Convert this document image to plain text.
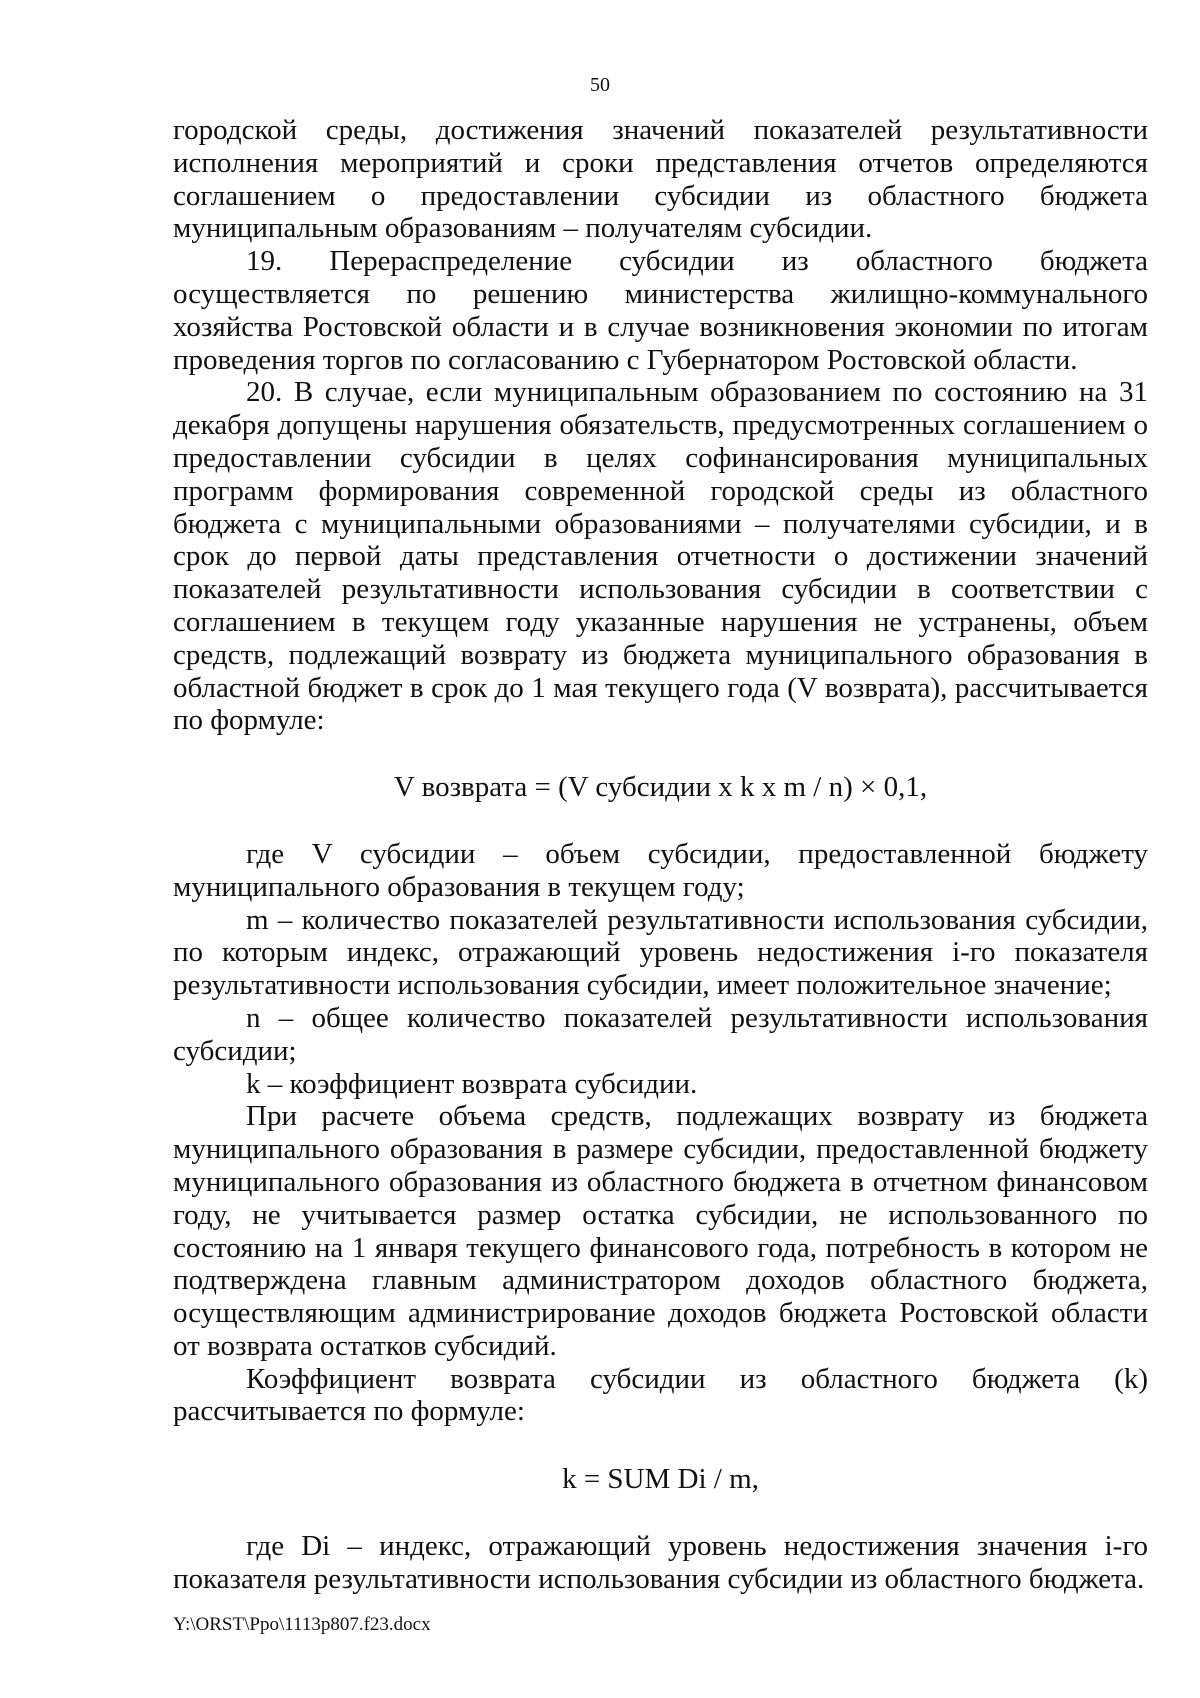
50

городской среды, достижения значений показателей результативности исполнения мероприятий и сроки представления отчетов определяются соглашением о предоставлении субсидии из областного бюджета муниципальным образованиям – получателям субсидии.

19. Перераспределение субсидии из областного бюджета осуществляется по решению министерства жилищно-коммунального хозяйства Ростовской области и в случае возникновения экономии по итогам проведения торгов по согласованию с Губернатором Ростовской области.

20. В случае, если муниципальным образованием по состоянию на 31 декабря допущены нарушения обязательств, предусмотренных соглашением о предоставлении субсидии в целях софинансирования муниципальных программ формирования современной городской среды из областного бюджета с муниципальными образованиями – получателями субсидии, и в срок до первой даты представления отчетности о достижении значений показателей результативности использования субсидии в соответствии с соглашением в текущем году указанные нарушения не устранены, объем средств, подлежащий возврату из бюджета муниципального образования в областной бюджет в срок до 1 мая текущего года (V возврата), рассчитывается по формуле:

V возврата = (V субсидии x k x m / n) × 0,1,

где V субсидии – объем субсидии, предоставленной бюджету муниципального образования в текущем году;

m – количество показателей результативности использования субсидии, по которым индекс, отражающий уровень недостижения i-го показателя результативности использования субсидии, имеет положительное значение;

n – общее количество показателей результативности использования субсидии;

k – коэффициент возврата субсидии.

При расчете объема средств, подлежащих возврату из бюджета муниципального образования в размере субсидии, предоставленной бюджету муниципального образования из областного бюджета в отчетном финансовом году, не учитывается размер остатка субсидии, не использованного по состоянию на 1 января текущего финансового года, потребность в котором не подтверждена главным администратором доходов областного бюджета, осуществляющим администрирование доходов бюджета Ростовской области от возврата остатков субсидий.

Коэффициент возврата субсидии из областного бюджета (k) рассчитывается по формуле:

k = SUM Di / m,

где Di – индекс, отражающий уровень недостижения значения i-го показателя результативности использования субсидии из областного бюджета.

Y:\ORST\Ppo\1113p807.f23.docx
